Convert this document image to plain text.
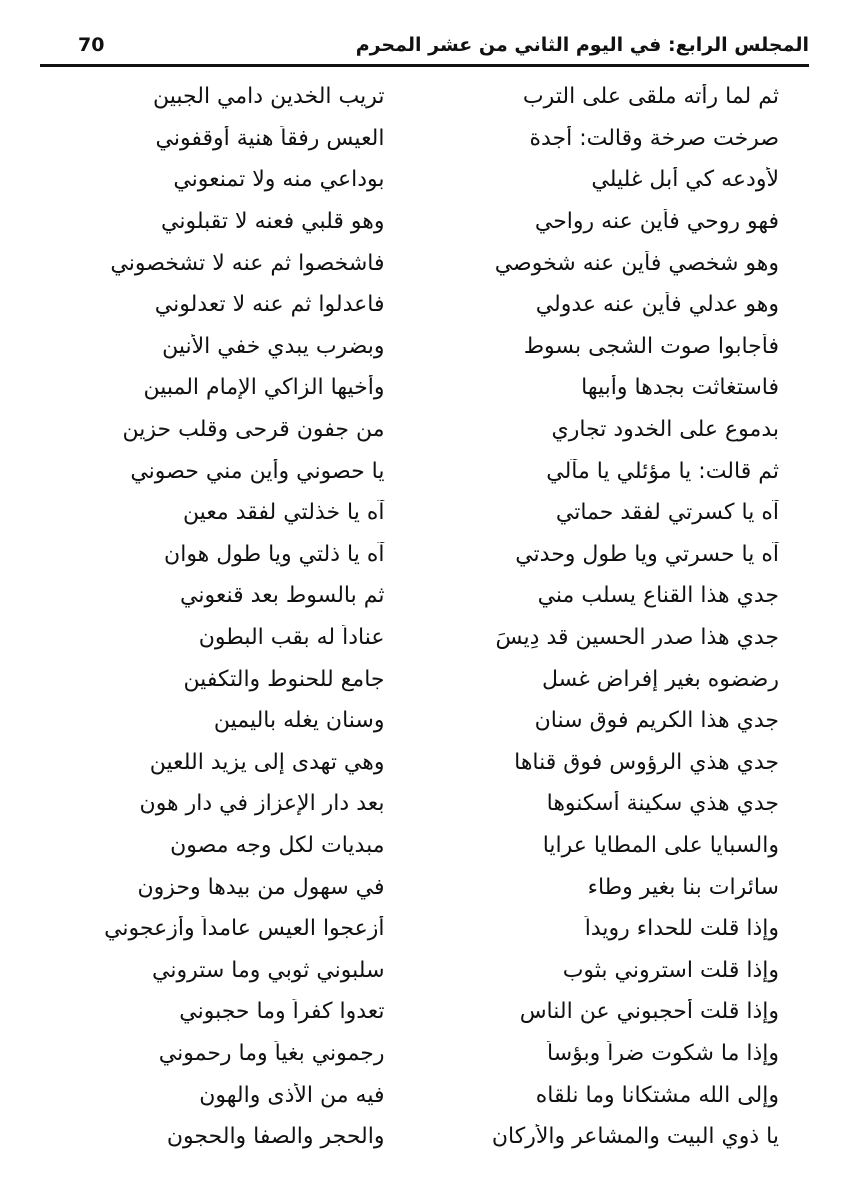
70	المجلس الرابع: في اليوم الثاني من عشر المحرم
ثم لما رأته ملقى على الترب
تريب الخدين دامي الجبين
صرخت صرخة وقالت: أجدة
العيس رفقاً هنية أوقفوني
لأودعه كي أبل غليلي
بوداعي منه ولا تمنعوني
فهو روحي فأين عنه رواحي
وهو قلبي فعنه لا تقبلوني
وهو شخصي فأين عنه شخوصي
فاشخصوا ثم عنه لا تشخصوني
وهو عدلي فأين عنه عدولي
فاعدلوا ثم عنه لا تعدلوني
فأجابوا صوت الشجى بسوط
وبضرب يبدي خفي الأنين
فاستغاثت بجدها وأبيها
وأخيها الزاكي الإمام المبين
بدموع على الخدود تجاري
من جفون قرحى وقلب حزين
ثم قالت: يا مؤئلي يا مآلي
يا حصوني وأين مني حصوني
آه يا كسرتي لفقد حماتي
آه يا خذلتي لفقد معين
آه يا حسرتي ويا طول وحدتي
آه يا ذلتي ويا طول هوان
جدي هذا القناع يسلب مني
ثم بالسوط بعد قنعوني
جدي هذا صدر الحسين قد دِيسَ
عناداً له بقب البطون
رضضوه بغير إفراض غسل
جامع للحنوط والتكفين
جدي هذا الكريم فوق سنان
وسنان يغله باليمين
جدي هذي الرؤوس فوق قناها
وهي تهدى إلى يزيد اللعين
جدي هذي سكينة أسكنوها
بعد دار الإعزاز في دار هون
والسبايا على المطايا عرايا
مبديات لكل وجه مصون
سائرات بنا بغير وطاء
في سهول من بيدها وحزون
وإذا قلت للحداء رويداً
أزعجوا العيس عامداً وأزعجوني
وإذا قلت استروني بثوب
سلبوني ثوبي وما ستروني
وإذا قلت أحجبوني عن الناس
تعدوا كفراً وما حجبوني
وإذا ما شكوت ضراً وبؤساً
رجموني بغياً وما رحموني
وإلى الله مشتكانا وما نلقاه
فيه من الأذى والهون
يا ذوي البيت والمشاعر والأركان
والحجر والصفا والحجون
